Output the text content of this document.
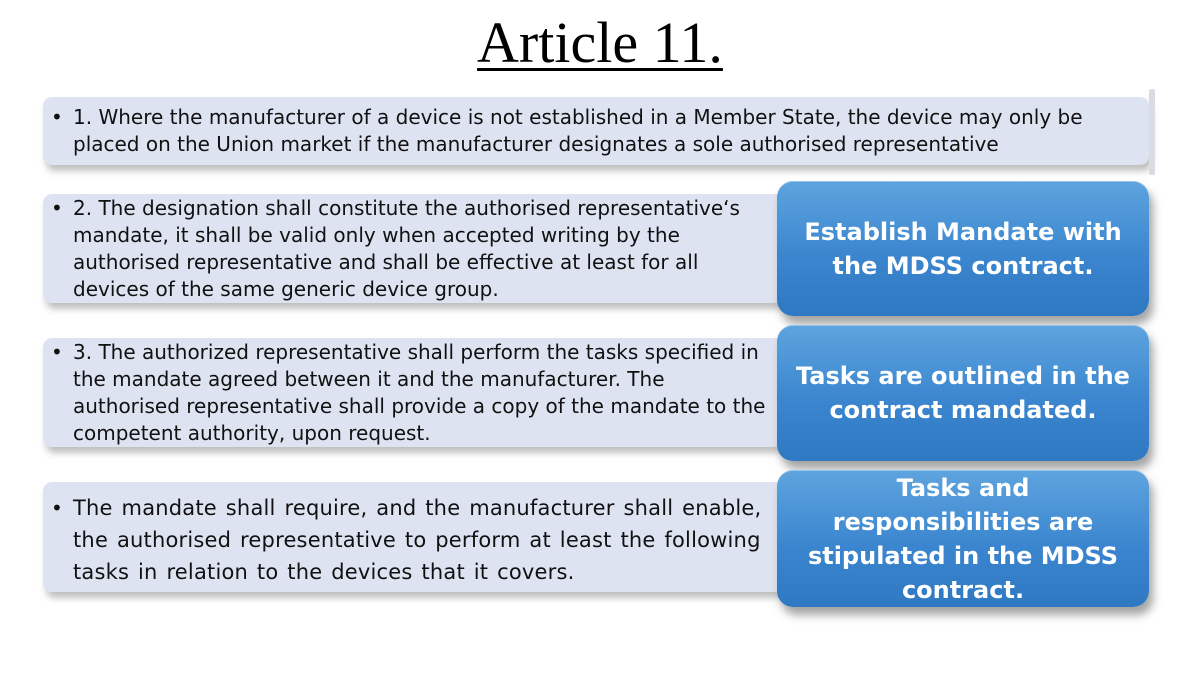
Article 11.
• 1. Where the manufacturer of a device is not established in a Member State, the device may only be placed on the Union market if the manufacturer designates a sole authorised representative
• 2. The designation shall constitute the authorised representative‘s mandate, it shall be valid only when accepted writing by the authorised representative and shall be effective at least for all devices of the same generic device group.
• 3. The authorized representative shall perform the tasks specified in the mandate agreed between it and the manufacturer. The authorised representative shall provide a copy of the mandate to the competent authority, upon request.
• The mandate shall require, and the manufacturer shall enable, the authorised representative to perform at least the following tasks in relation to the devices that it covers.
Establish Mandate with the MDSS contract.
Tasks are outlined in the contract mandated.
Tasks and responsibilities are stipulated in the MDSS contract.
